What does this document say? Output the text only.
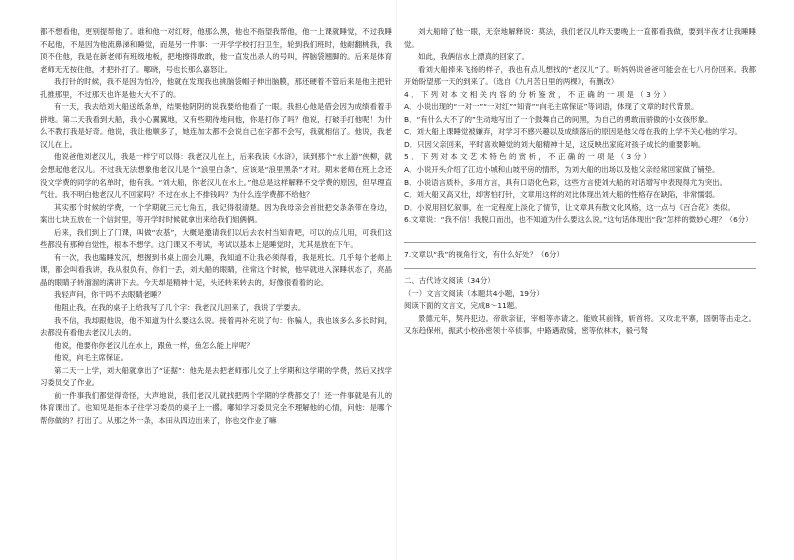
都不想看他，更别提帮他了。谁和他一对红呀，他那么黑，他也不指望我帮他，他一上课就睡觉，不过我睡不起他，不是因为他流鼻涕和睡觉，而是另一件事：一开学学校打扫卫生，轮到我们班时，他耐翻桃我，我顶不住他，我是在新老师有班级地板，把地擦得敢敢，他一直发出杀人的号叫，挥脑袋翘脚的。后来是体育老师无无按住他，才把扑打了。哪晓，号也长那么嘉怒让。

我打针的时候，我不是因为怕冷，他就在发现我也挑脑袋帽子伸出脑膜，那还硬着不管后来是他主把针孔推那里，不过那天也许是他大大不了的。

有一天，我去给刘大船送纸条单，结果他阴阴的说我要给他看了一眼。我担心他是借会因为成绩看着手拼地。第二天我看到大船，我小心翼翼地，又有些期待地问他，你是打你了吗？他说，打破手打他呢！为什么不教打我是好奇。他说，我让他顺多了，她连加太都不会说自己在字都不会写，我就相信了。他说，我老汉儿在上。

他说爸他刘老汉儿，我是一样宁可以得：我老汉儿在上，后来我读《水浒》，读到那个“水上游”侠柳，就会想起他老汉儿。不过我无法想象他老汉儿是个“浪里白条”，应该是“浪里黑条”才对。期末老师在班上念还没文学费的同学的名单时，他有我。“刘大船，你老汉儿在水上。”他总是这样解释不交学费的原因，但早理直气壮。我不明白他老汉儿不回家吗？不过在水上不排钱吗？为什么连学费都不给他？

其实那个时候的学费，一个学期就三元七角五，我记得很清楚。因为我母亲会首批把交条条带在身边，案出七块五放在一个信封里，等开学时时候就拿出来给我们姐俩俩。

后来，我们到上了门课，叫做“农基”，大概是邀请我们以后去农村当知青吧，可以的点儿用，可我们这些都没有那种自觉性，根本不想学。这门课又不考试，考试以基本上是睡觉时，尤其是放在下午。

有一次，我也瞌睡发沉，想握到书桌上面会儿睡，我知道不让我必须得看，我是班长。几乎每个老师上课，都会叫看我讲，我从很负有，你们一丢，刘大船的眼睛，往常这个时候，他早就进入深睡状态了，亮晶晶的眼睛子转溜溜的满讲下去。今天却是精神十足，头还转来转去的，好像很看着的论。

我轻声问，你干吗不去眼睛老睡？

他阻止我，在我的桌子上给我写了几个字：我老汉儿回来了，我说了学要去。

我不信，我却跟他说，他不知道为什么要这么说。接着再补充说了句：你骗人，我也该多么多长时间，去都没有看他去老汉儿去的。

他说，他要你你老汉儿在水上，跟鱼一样，鱼怎么能上岸呢？

他说，向毛主席保证。

第二天一上学，刘大船就拿出了“证据”：他先是去把老师那儿交了上学期和这学期的学费，然后又找学习委员交了作业。

前一件事我们都觉得奇怪，大声地说，我们老汉儿就找把两个学期的学费都交了！还一件事就是有儿的体育课出了。也知见是拒本子往学习委员的桌子上一撂。嘟知学习委员完全不理解他的心情，问他：是哪个帮你做的？打出了。从那之外一条，本田从四边出来了，你也交作业了嘛

刘大船暗了他一眼，无奈地解释说：莫法，我们老汉儿昨天要晚上一直都看我做，要到半夜才让我睡睡觉。

如此，我俩信水上漂真的回家了。

看刘大船捧来飞扬的样子，我也有点儿想找的“老汉儿”了。听妈妈说爸爸可能会在七八月份回来。我都开始盼望那一天的到来了。（选自《九月苦日里的两棵》，有删改）

4．下列对本文相关内容的分析鉴赏，不正确的一项是（3分）

A．小说出现的“一对一”“一对红”“知青”“向毛主席保证”等词语，体现了文章的时代背景。

B．“有什么大不了的”生动地写出了一个鼓舞自己的间黑，为自己的勇敢而骄傲的小女孩形象。

C．刘大船上课睡觉被嫌弃，对学习不感兴趣以及成绩落后的原因是他父母在我的上学不关心他的学习。

D．只因父亲回来，平时喜欢睡觉的刘大船精神十足，这反映出家庭对孩子成长的重要影响。

5．下列对本文艺术特色的赏析，不正确的一项是（3分）

A．小说开头介绍了江边小城和山坡平房的情形，为刘大船的出场以及他父亲经常回家做了铺垫。

B．小说语言质朴，多用方言，具有口语化色彩，这些方言使刘大船的对话增写中表现得尤为突出。

C．刘大船又高又壮，却害怕打针，文章用这样的对比体现出刘大船的性格存在缺陷，非常懦弱。

D．小说用回忆叙事，在一定程度上淡化了情节，让文章具有散文化风格，这一点与《百合花》类似。

6.文章说：“我不信！我脱口而出，也不知道为什么要这么说。”这句话体现出“我”怎样的微妙心理？（6分）

7.文章以“我”的视角行文，有什么好处？（6分）

二、古代诗文阅读（34分）

（一）文言文阅读（本题共4小题，19分）

阅读下面的文言文，完成8～11题。

景德元年，契丹犯边。帝欲亲征，宰相等亦请之。能败其前锋，斩首将。又攻北平寨，固朝等击走之。又东趋保州，振武小校孙密领十卒侦事，中路遇敌骑，密等依林木，毅弓驽
